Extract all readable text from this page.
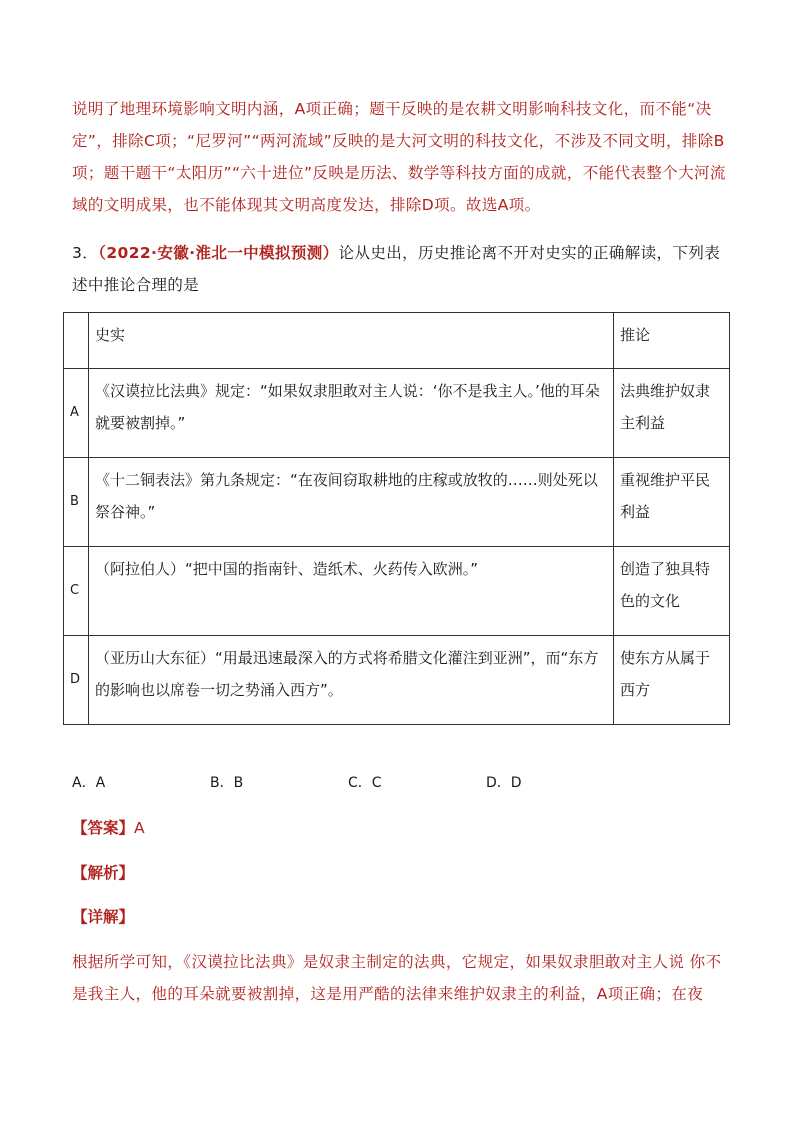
说明了地理环境影响文明内涵，A项正确；题干反映的是农耕文明影响科技文化，而不能“决定”，排除C项；“尼罗河”“两河流域”反映的是大河文明的科技文化，不涉及不同文明，排除B项；题干题干“太阳历”“六十进位”反映是历法、数学等科技方面的成就，不能代表整个大河流域的文明成果，也不能体现其文明高度发达，排除D项。故选A项。
3．（2022·安徽·淮北一中模拟预测）论从史出，历史推论离不开对史实的正确解读，下列表述中推论合理的是
	史实	推论
A	《汉谟拉比法典》规定：“如果奴隶胆敢对主人说：‘你不是我主人。’他的耳朵就要被割掉。”	法典维护奴隶主利益
B	《十二铜表法》第九条规定：“在夜间窃取耕地的庄稼或放牧的……则处死以祭谷神。”	重视维护平民利益
C	（阿拉伯人）“把中国的指南针、造纸术、火药传入欧洲。”	创造了独具特色的文化
D	（亚历山大东征）“用最迅速最深入的方式将希腊文化灌注到亚洲”，而“东方的影响也以席卷一切之势涌入西方”。	使东方从属于西方
A．A	B．B	C．C	D．D
【答案】A
【解析】
【详解】
根据所学可知，《汉谟拉比法典》是奴隶主制定的法典，它规定，如果奴隶胆敢对主人说 你不是我主人，他的耳朵就要被割掉，这是用严酷的法律来维护奴隶主的利益，A项正确；在夜
